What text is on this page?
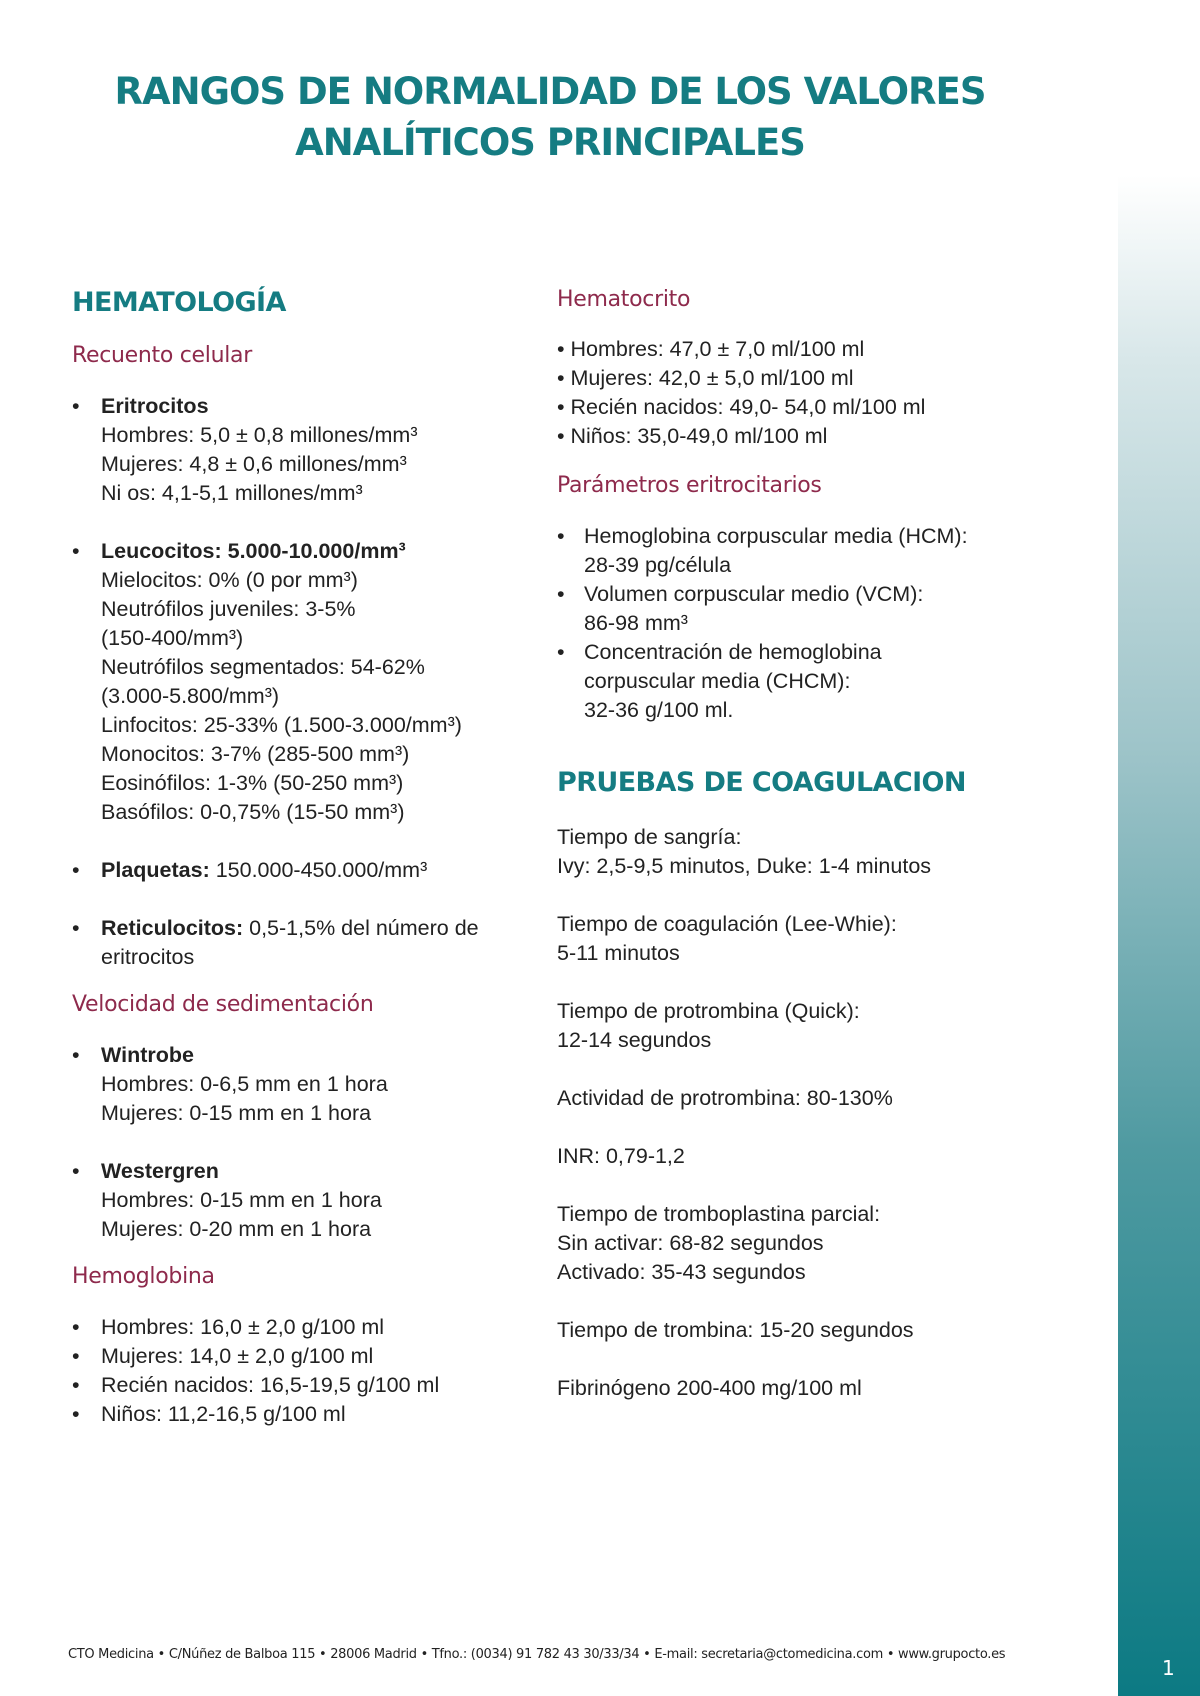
RANGOS DE NORMALIDAD DE LOS VALORES
ANALÍTICOS PRINCIPALES
HEMATOLOGÍA
Recuento celular
• Eritrocitos
Hombres: 5,0 ± 0,8 millones/mm³
Mujeres: 4,8 ± 0,6 millones/mm³
Ni os: 4,1-5,1 millones/mm³
• Leucocitos: 5.000-10.000/mm³
Mielocitos: 0% (0 por mm³)
Neutrófilos juveniles: 3-5%
(150-400/mm³)
Neutrófilos segmentados: 54-62%
(3.000-5.800/mm³)
Linfocitos: 25-33% (1.500-3.000/mm³)
Monocitos: 3-7% (285-500 mm³)
Eosinófilos: 1-3% (50-250 mm³)
Basófilos: 0-0,75% (15-50 mm³)
• Plaquetas: 150.000-450.000/mm³
• Reticulocitos: 0,5-1,5% del número de
eritrocitos
Velocidad de sedimentación
• Wintrobe
Hombres: 0-6,5 mm en 1 hora
Mujeres: 0-15 mm en 1 hora
• Westergren
Hombres: 0-15 mm en 1 hora
Mujeres: 0-20 mm en 1 hora
Hemoglobina
• Hombres: 16,0 ± 2,0 g/100 ml
• Mujeres: 14,0 ± 2,0 g/100 ml
• Recién nacidos: 16,5-19,5 g/100 ml
• Niños: 11,2-16,5 g/100 ml
Hematocrito
• Hombres: 47,0 ± 7,0 ml/100 ml
• Mujeres: 42,0 ± 5,0 ml/100 ml
• Recién nacidos: 49,0- 54,0 ml/100 ml
• Niños: 35,0-49,0 ml/100 ml
Parámetros eritrocitarios
• Hemoglobina corpuscular media (HCM):
28-39 pg/célula
• Volumen corpuscular medio (VCM):
86-98 mm³
• Concentración de hemoglobina
corpuscular media (CHCM):
32-36 g/100 ml.
PRUEBAS DE COAGULACION
Tiempo de sangría:
Ivy: 2,5-9,5 minutos, Duke: 1-4 minutos
Tiempo de coagulación (Lee-Whie):
5-11 minutos
Tiempo de protrombina (Quick):
12-14 segundos
Actividad de protrombina: 80-130%
INR: 0,79-1,2
Tiempo de tromboplastina parcial:
Sin activar: 68-82 segundos
Activado: 35-43 segundos
Tiempo de trombina: 15-20 segundos
Fibrinógeno 200-400 mg/100 ml
CTO Medicina • C/Núñez de Balboa 115 • 28006 Madrid • Tfno.: (0034) 91 782 43 30/33/34 • E-mail: secretaria@ctomedicina.com • www.grupocto.es
1
